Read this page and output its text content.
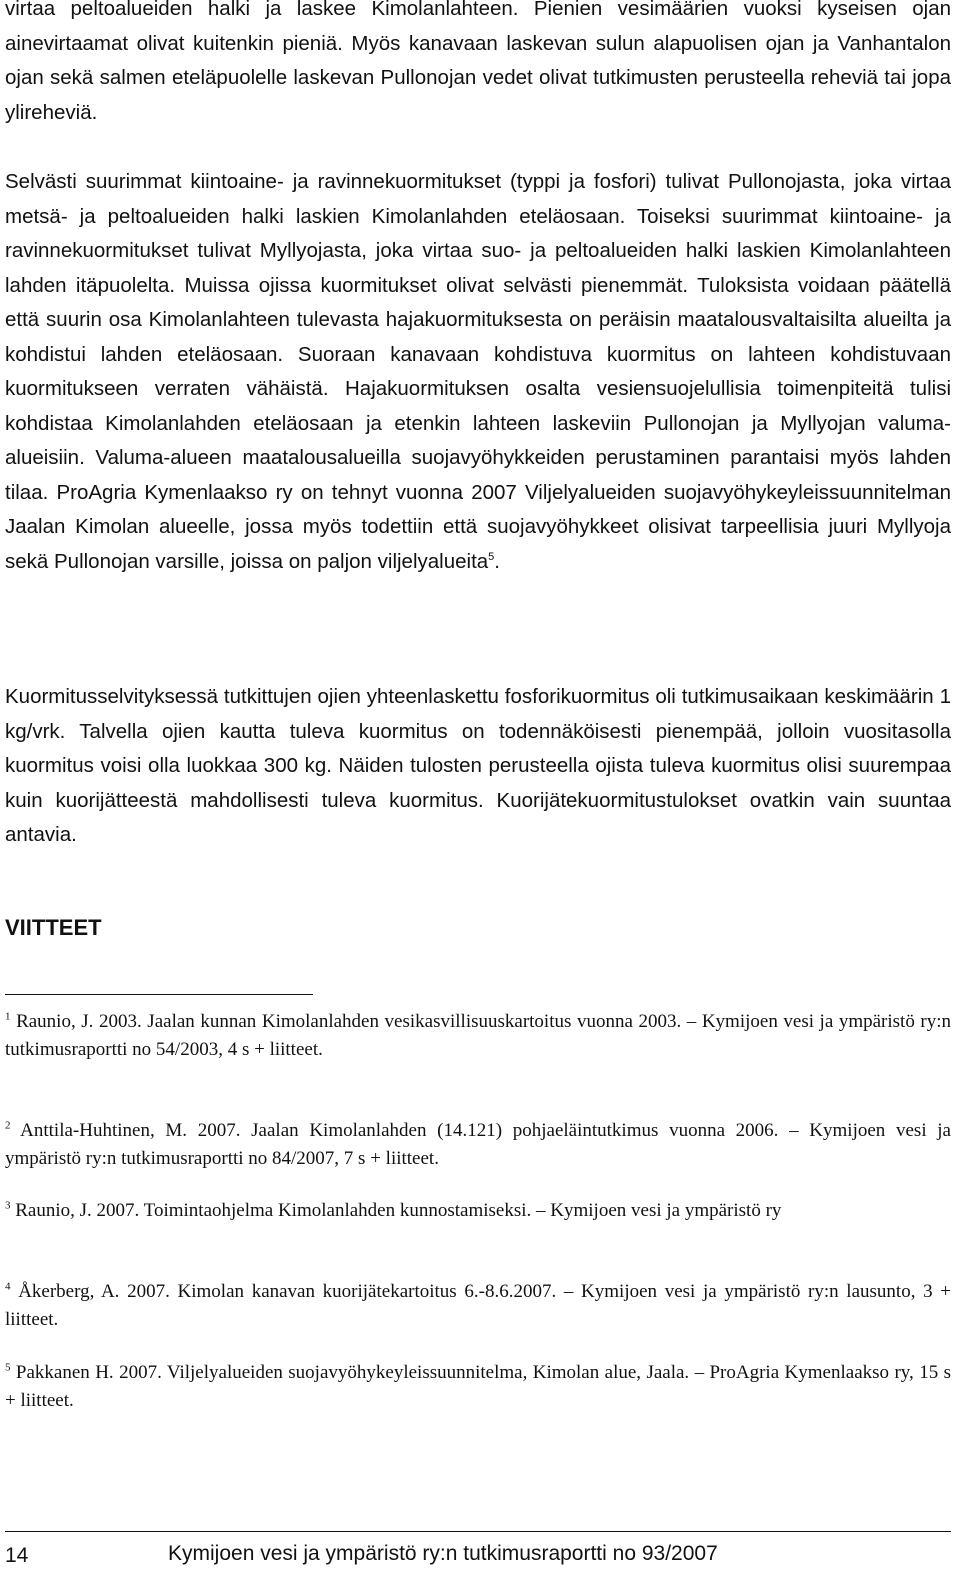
virtaa peltoalueiden halki ja laskee Kimolanlahteen. Pienien vesimäärien vuoksi kyseisen ojan ainevirtaamat olivat kuitenkin pieniä. Myös kanavaan laskevan sulun alapuolisen ojan ja Vanhantalon ojan sekä salmen eteläpuolelle laskevan Pullonojan vedet olivat tutkimusten perusteella reheviä tai jopa ylireheviä.

Selvästi suurimmat kiintoaine- ja ravinnekuormitukset (typpi ja fosfori) tulivat Pullonojasta, joka virtaa metsä- ja peltoalueiden halki laskien Kimolanlahden eteläosaan. Toiseksi suurimmat kiintoaine- ja ravinnekuormitukset tulivat Myllyojasta, joka virtaa suo- ja peltoalueiden halki laskien Kimolanlahteen lahden itäpuolelta. Muissa ojissa kuormitukset olivat selvästi pienemmät. Tuloksista voidaan päätellä että suurin osa Kimolanlahteen tulevasta hajakuormituksesta on peräisin maatalousvaltaisilta alueilta ja kohdistui lahden eteläosaan. Suoraan kanavaan kohdistuva kuormitus on lahteen kohdistuvaan kuormitukseen verraten vähäistä. Hajakuormituksen osalta vesiensuojelullisia toimenpiteitä tulisi kohdistaa Kimolanlahden eteläosaan ja etenkin lahteen laskeviin Pullonojan ja Myllyojan valuma-alueisiin. Valuma-alueen maatalousalueilla suojavyöhykkeiden perustaminen parantaisi myös lahden tilaa. ProAgria Kymenlaakso ry on tehnyt vuonna 2007 Viljelyalueiden suojavyöhykeyleissuunnitelman Jaalan Kimolan alueelle, jossa myös todettiin että suojavyöhykkeet olisivat tarpeellisia juuri Myllyoja sekä Pullonojan varsille, joissa on paljon viljelyalueita$^5$.

Kuormitusselvityksessä tutkittujen ojien yhteenlaskettu fosforikuormitus oli tutkimusaikaan keskimäärin 1 kg/vrk. Talvella ojien kautta tuleva kuormitus on todennäköisesti pienempää, jolloin vuositasolla kuormitus voisi olla luokkaa 300 kg. Näiden tulosten perusteella ojista tuleva kuormitus olisi suurempaa kuin kuorijätteestä mahdollisesti tuleva kuormitus. Kuorijätekuormitustulokset ovatkin vain suuntaa antavia.

VIITTEET

$^1$ Raunio, J. 2003. Jaalan kunnan Kimolanlahden vesikasvillisuuskartoitus vuonna 2003. – Kymijoen vesi ja ympäristö ry:n tutkimusraportti no 54/2003, 4 s + liitteet.

$^2$ Anttila-Huhtinen, M. 2007. Jaalan Kimolanlahden (14.121) pohjaeläintutkimus vuonna 2006. – Kymijoen vesi ja ympäristö ry:n tutkimusraportti no 84/2007, 7 s + liitteet.

$^3$ Raunio, J. 2007. Toimintaohjelma Kimolanlahden kunnostamiseksi. – Kymijoen vesi ja ympäristö ry

$^4$ Åkerberg, A. 2007. Kimolan kanavan kuorijätekartoitus 6.-8.6.2007. – Kymijoen vesi ja ympäristö ry:n lausunto, 3 + liitteet.

$^5$ Pakkanen H. 2007. Viljelyalueiden suojavyöhykeyleissuunnitelma, Kimolan alue, Jaala. – ProAgria Kymenlaakso ry, 15 s + liitteet.

14	Kymijoen vesi ja ympäristö ry:n tutkimusraportti no 93/2007
